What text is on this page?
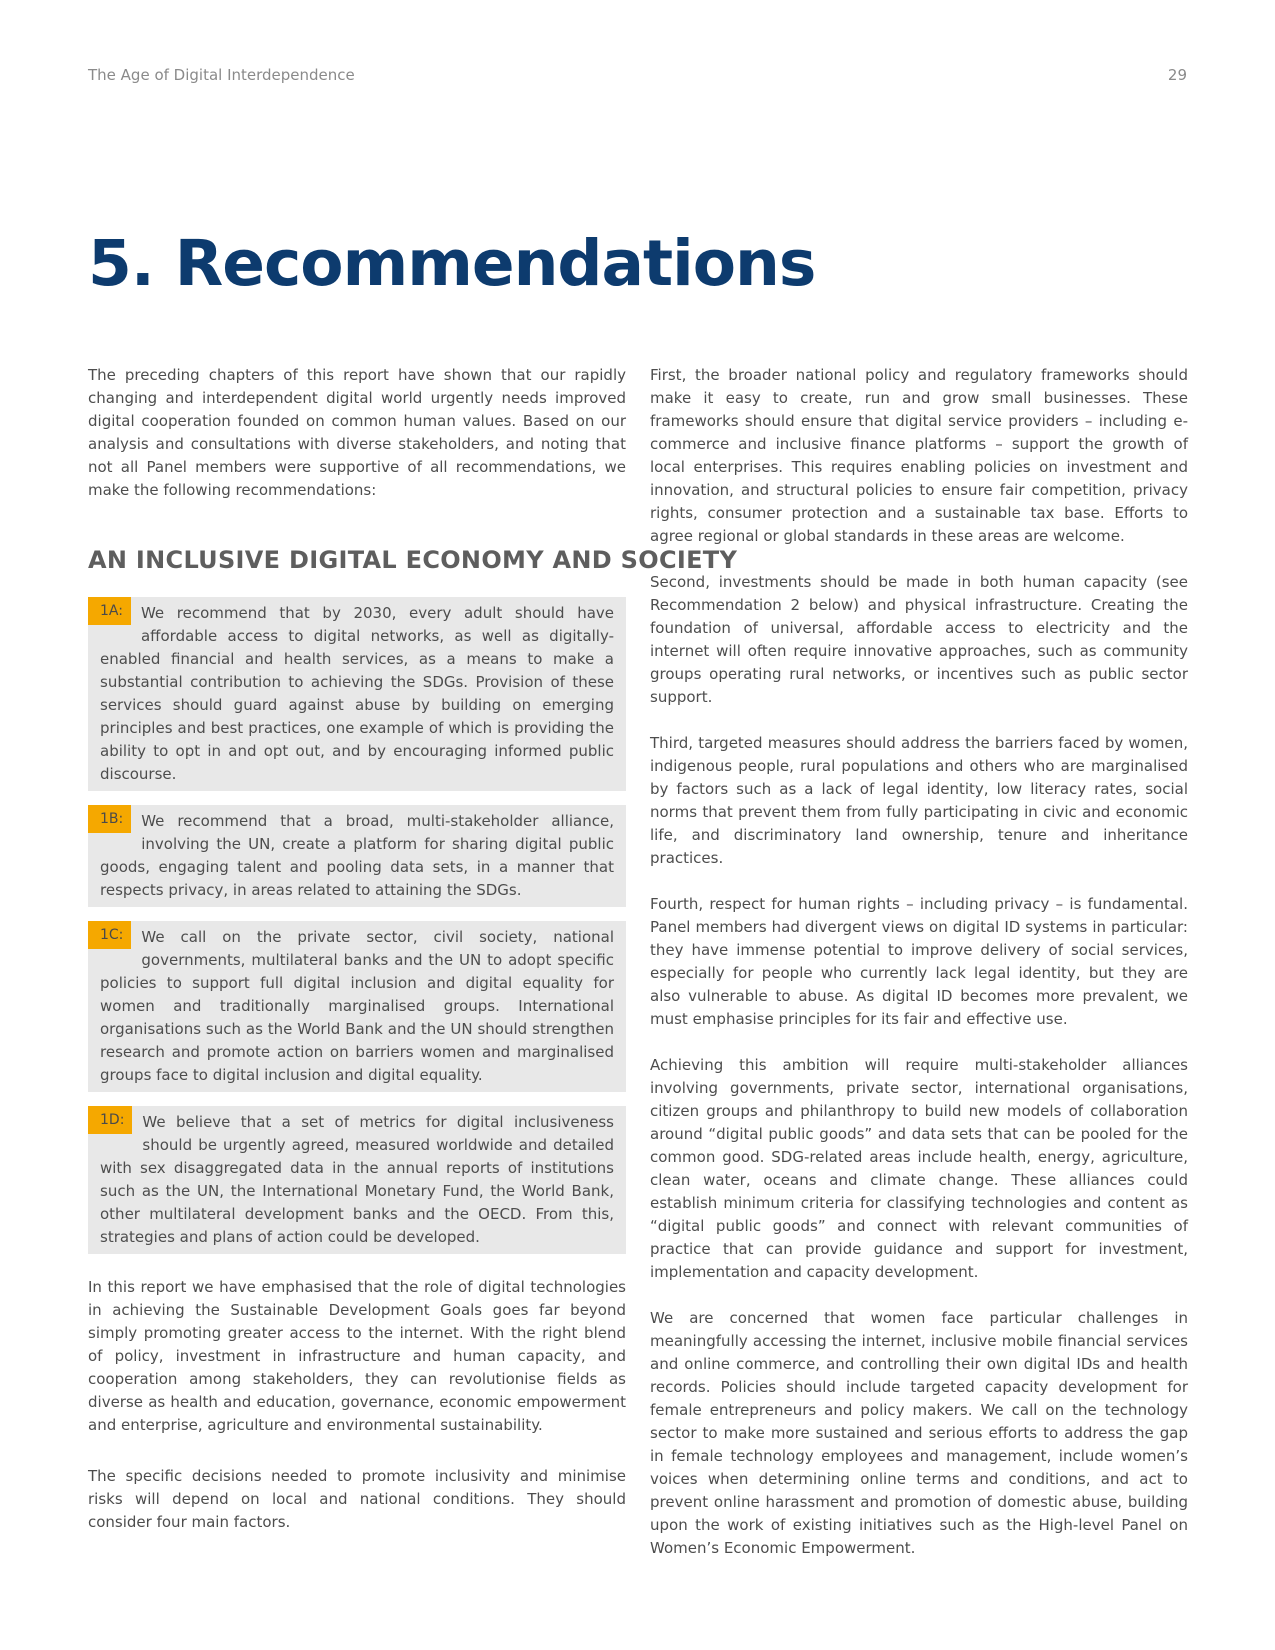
The Age of Digital Interdependence	29
5. Recommendations

The preceding chapters of this report have shown that our rapidly changing and interdependent digital world urgently needs improved digital cooperation founded on common human values. Based on our analysis and consultations with diverse stakeholders, and noting that not all Panel members were supportive of all recommendations, we make the following recommendations:

AN INCLUSIVE DIGITAL ECONOMY AND SOCIETY
1A:	We recommend that by 2030, every adult should have affordable access to digital networks, as well as digitally-enabled financial and health services, as a means to make a substantial contribution to achieving the SDGs. Provision of these services should guard against abuse by building on emerging principles and best practices, one example of which is providing the ability to opt in and opt out, and by encouraging informed public discourse.

1B:	We recommend that a broad, multi-stakeholder alliance, involving the UN, create a platform for sharing digital public goods, engaging talent and pooling data sets, in a manner that respects privacy, in areas related to attaining the SDGs.

1C:	We call on the private sector, civil society, national governments, multilateral banks and the UN to adopt specific policies to support full digital inclusion and digital equality for women and traditionally marginalised groups. International organisations such as the World Bank and the UN should strengthen research and promote action on barriers women and marginalised groups face to digital inclusion and digital equality.

1D:	We believe that a set of metrics for digital inclusiveness should be urgently agreed, measured worldwide and detailed with sex disaggregated data in the annual reports of institutions such as the UN, the International Monetary Fund, the World Bank, other multilateral development banks and the OECD. From this, strategies and plans of action could be developed.

In this report we have emphasised that the role of digital technologies in achieving the Sustainable Development Goals goes far beyond simply promoting greater access to the internet. With the right blend of policy, investment in infrastructure and human capacity, and cooperation among stakeholders, they can revolutionise fields as diverse as health and education, governance, economic empowerment and enterprise, agriculture and environmental sustainability.

The specific decisions needed to promote inclusivity and minimise risks will depend on local and national conditions. They should consider four main factors.

First, the broader national policy and regulatory frameworks should make it easy to create, run and grow small businesses. These frameworks should ensure that digital service providers – including e-commerce and inclusive finance platforms – support the growth of local enterprises. This requires enabling policies on investment and innovation, and structural policies to ensure fair competition, privacy rights, consumer protection and a sustainable tax base. Efforts to agree regional or global standards in these areas are welcome.

Second, investments should be made in both human capacity (see Recommendation 2 below) and physical infrastructure. Creating the foundation of universal, affordable access to electricity and the internet will often require innovative approaches, such as community groups operating rural networks, or incentives such as public sector support.

Third, targeted measures should address the barriers faced by women, indigenous people, rural populations and others who are marginalised by factors such as a lack of legal identity, low literacy rates, social norms that prevent them from fully participating in civic and economic life, and discriminatory land ownership, tenure and inheritance practices.

Fourth, respect for human rights – including privacy – is fundamental. Panel members had divergent views on digital ID systems in particular: they have immense potential to improve delivery of social services, especially for people who currently lack legal identity, but they are also vulnerable to abuse. As digital ID becomes more prevalent, we must emphasise principles for its fair and effective use.

Achieving this ambition will require multi-stakeholder alliances involving governments, private sector, international organisations, citizen groups and philanthropy to build new models of collaboration around “digital public goods” and data sets that can be pooled for the common good. SDG-related areas include health, energy, agriculture, clean water, oceans and climate change. These alliances could establish minimum criteria for classifying technologies and content as “digital public goods” and connect with relevant communities of practice that can provide guidance and support for investment, implementation and capacity development.

We are concerned that women face particular challenges in meaningfully accessing the internet, inclusive mobile financial services and online commerce, and controlling their own digital IDs and health records. Policies should include targeted capacity development for female entrepreneurs and policy makers. We call on the technology sector to make more sustained and serious efforts to address the gap in female technology employees and management, include women’s voices when determining online terms and conditions, and act to prevent online harassment and promotion of domestic abuse, building upon the work of existing initiatives such as the High-level Panel on Women’s Economic Empowerment.
